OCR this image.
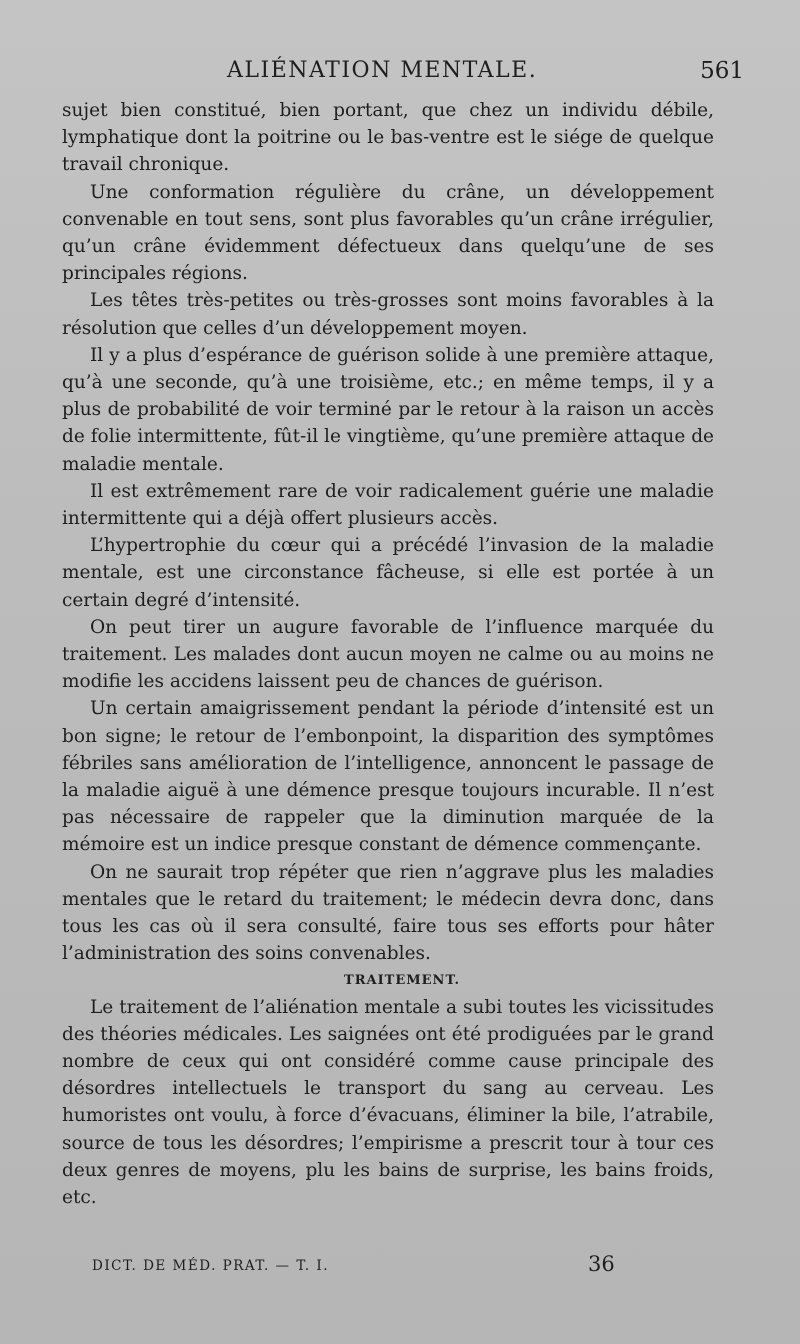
ALIÉNATION MENTALE.	561

sujet bien constitué, bien portant, que chez un individu débile, lymphatique dont la poitrine ou le bas-ventre est le siége de quelque travail chronique.

Une conformation régulière du crâne, un développement convenable en tout sens, sont plus favorables qu’un crâne irrégulier, qu’un crâne évidemment défectueux dans quelqu’une de ses principales régions.

Les têtes très-petites ou très-grosses sont moins favorables à la résolution que celles d’un développement moyen.

Il y a plus d’espérance de guérison solide à une première attaque, qu’à une seconde, qu’à une troisième, etc.; en même temps, il y a plus de probabilité de voir terminé par le retour à la raison un accès de folie intermittente, fût-il le vingtième, qu’une première attaque de maladie mentale.

Il est extrêmement rare de voir radicalement guérie une maladie intermittente qui a déjà offert plusieurs accès.

L’hypertrophie du cœur qui a précédé l’invasion de la maladie mentale, est une circonstance fâcheuse, si elle est portée à un certain degré d’intensité.

On peut tirer un augure favorable de l’influence marquée du traitement. Les malades dont aucun moyen ne calme ou au moins ne modifie les accidens laissent peu de chances de guérison.

Un certain amaigrissement pendant la période d’intensité est un bon signe; le retour de l’embonpoint, la disparition des symptômes fébriles sans amélioration de l’intelligence, annoncent le passage de la maladie aiguë à une démence presque toujours incurable. Il n’est pas nécessaire de rappeler que la diminution marquée de la mémoire est un indice presque constant de démence commençante.

On ne saurait trop répéter que rien n’aggrave plus les maladies mentales que le retard du traitement; le médecin devra donc, dans tous les cas où il sera consulté, faire tous ses efforts pour hâter l’administration des soins convenables.

TRAITEMENT.

Le traitement de l’aliénation mentale a subi toutes les vicissitudes des théories médicales. Les saignées ont été prodiguées par le grand nombre de ceux qui ont considéré comme cause principale des désordres intellectuels le transport du sang au cerveau. Les humoristes ont voulu, à force d’évacuans, éliminer la bile, l’atrabile, source de tous les désordres; l’empirisme a prescrit tour à tour ces deux genres de moyens, plu les bains de surprise, les bains froids, etc.

DICT. DE MÉD. PRAT. — T. I.	36
